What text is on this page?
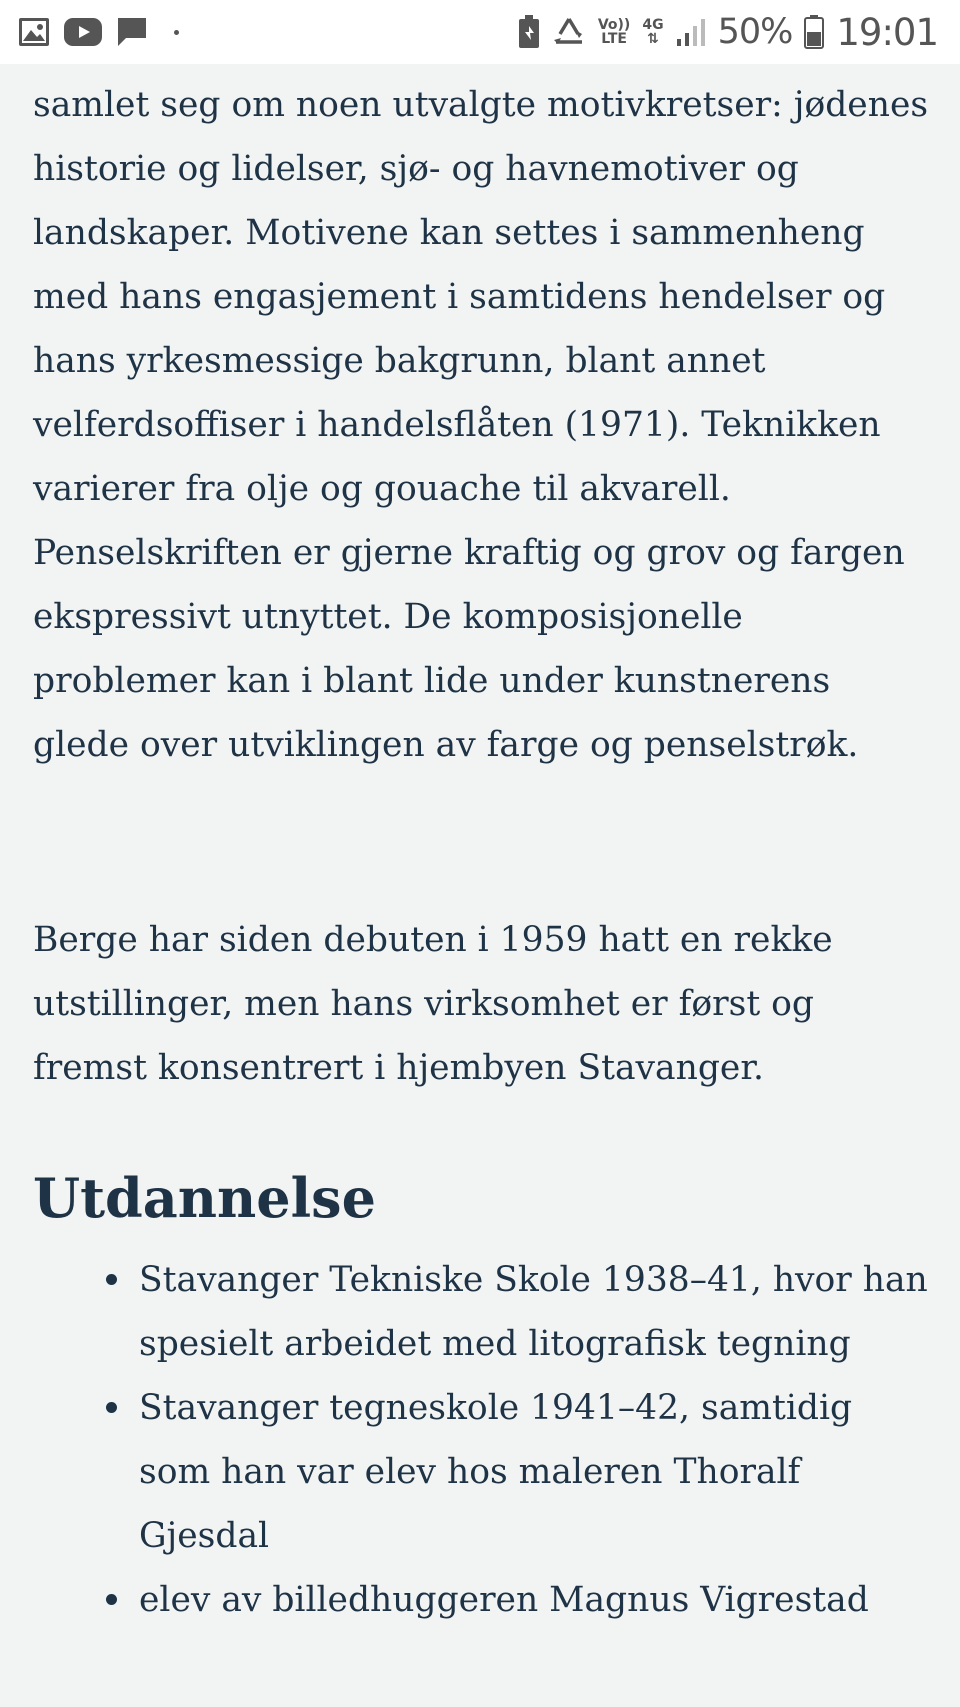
Vo))
LTE
4G
⇅ 50% 19:01

samlet seg om noen utvalgte motivkretser: jødenes historie og lidelser, sjø- og havnemotiver og landskaper. Motivene kan settes i sammenheng med hans engasjement i samtidens hendelser og hans yrkesmessige bakgrunn, blant annet velferdsoffiser i handelsflåten (1971). Teknikken varierer fra olje og gouache til akvarell. Penselskriften er gjerne kraftig og grov og fargen ekspressivt utnyttet. De komposisjonelle problemer kan i blant lide under kunstnerens glede over utviklingen av farge og penselstrøk.

Berge har siden debuten i 1959 hatt en rekke utstillinger, men hans virksomhet er først og fremst konsentrert i hjembyen Stavanger.

Utdannelse
Stavanger Tekniske Skole 1938–41, hvor han spesielt arbeidet med litografisk tegning
Stavanger tegneskole 1941–42, samtidig som han var elev hos maleren Thoralf Gjesdal
elev av billedhuggeren Magnus Vigrestad
